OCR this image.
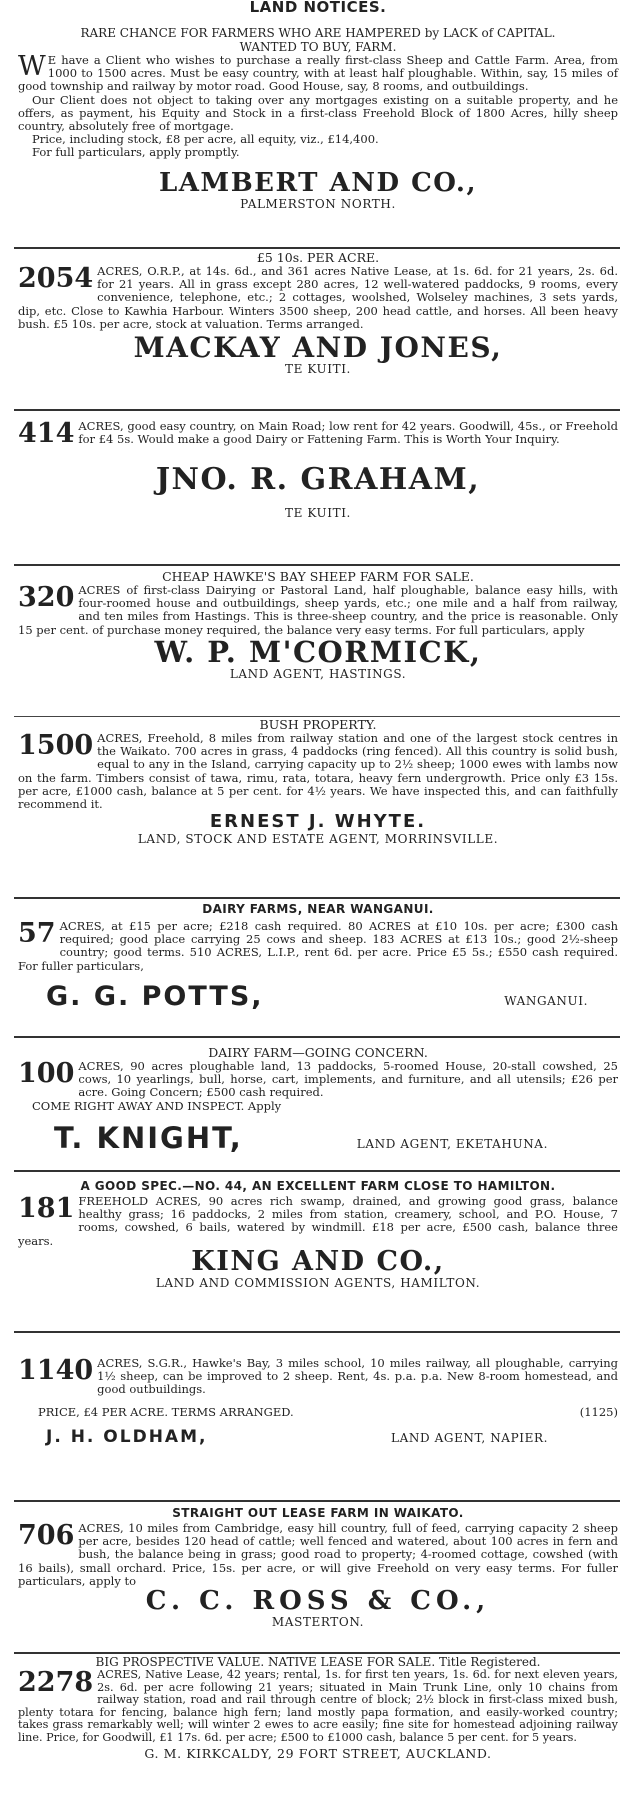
LAND NOTICES.
RARE CHANCE FOR FARMERS WHO ARE HAMPERED by LACK of CAPITAL.
WANTED TO BUY, FARM.
W E have a Client who wishes to purchase a really first-class Sheep and Cattle Farm. Area, from 1000 to 1500 acres. Must be easy country, with at least half ploughable. Within, say, 15 miles of good township and railway by motor road. Good House, say, 8 rooms, and outbuildings.
Our Client does not object to taking over any mortgages existing on a suitable property, and he offers, as payment, his Equity and Stock in a first-class Freehold Block of 1800 Acres, hilly sheep country, absolutely free of mortgage.
Price, including stock, £8 per acre, all equity, viz., £14,400.
For full particulars, apply promptly.
LAMBERT AND CO.,
PALMERSTON NORTH.
£5 10s. PER ACRE.
2054 ACRES, O.R.P., at 14s. 6d., and 361 acres Native Lease, at 1s. 6d. for 21 years, 2s. 6d. for 21 years. All in grass except 280 acres, 12 well-watered paddocks, 9 rooms, every convenience, telephone, etc.; 2 cottages, woolshed, Wolseley machines, 3 sets yards, dip, etc. Close to Kawhia Harbour. Winters 3500 sheep, 200 head cattle, and horses. All been heavy bush. £5 10s. per acre, stock at valuation. Terms arranged.
MACKAY AND JONES,
TE KUITI.
414 ACRES, good easy country, on Main Road; low rent for 42 years. Goodwill, 45s., or Freehold for £4 5s. Would make a good Dairy or Fattening Farm. This is Worth Your Inquiry.
JNO. R. GRAHAM,
TE KUITI.
CHEAP HAWKE'S BAY SHEEP FARM FOR SALE.
320 ACRES of first-class Dairying or Pastoral Land, half ploughable, balance easy hills, with four-roomed house and outbuildings, sheep yards, etc.; one mile and a half from railway, and ten miles from Hastings. This is three-sheep country, and the price is reasonable. Only 15 per cent. of purchase money required, the balance very easy terms. For full particulars, apply
W. P. M'CORMICK,
LAND AGENT, HASTINGS.
BUSH PROPERTY.
1500 ACRES, Freehold, 8 miles from railway station and one of the largest stock centres in the Waikato. 700 acres in grass, 4 paddocks (ring fenced). All this country is solid bush, equal to any in the Island, carrying capacity up to 2½ sheep; 1000 ewes with lambs now on the farm. Timbers consist of tawa, rimu, rata, totara, heavy fern undergrowth. Price only £3 15s. per acre, £1000 cash, balance at 5 per cent. for 4½ years. We have inspected this, and can faithfully recommend it.
ERNEST J. WHYTE.
LAND, STOCK AND ESTATE AGENT, MORRINSVILLE.
DAIRY FARMS, NEAR WANGANUI.
57 ACRES, at £15 per acre; £218 cash required. 80 ACRES at £10 10s. per acre; £300 cash required; good place carrying 25 cows and sheep. 183 ACRES at £13 10s.; good 2½-sheep country; good terms. 510 ACRES, L.I.P., rent 6d. per acre. Price £5 5s.; £550 cash required. For fuller particulars,
G. G. POTTS,	WANGANUI.
DAIRY FARM—GOING CONCERN.
100 ACRES, 90 acres ploughable land, 13 paddocks, 5-roomed House, 20-stall cowshed, 25 cows, 10 yearlings, bull, horse, cart, implements, and furniture, and all utensils; £26 per acre. Going Concern; £500 cash required.
COME RIGHT AWAY AND INSPECT. Apply
T. KNIGHT,	LAND AGENT, EKETAHUNA.
A GOOD SPEC.—NO. 44, AN EXCELLENT FARM CLOSE TO HAMILTON.
181 FREEHOLD ACRES, 90 acres rich swamp, drained, and growing good grass, balance healthy grass; 16 paddocks, 2 miles from station, creamery, school, and P.O. House, 7 rooms, cowshed, 6 bails, watered by windmill. £18 per acre, £500 cash, balance three years.
KING AND CO.,
LAND AND COMMISSION AGENTS, HAMILTON.
1140 ACRES, S.G.R., Hawke's Bay, 3 miles school, 10 miles railway, all ploughable, carrying 1½ sheep, can be improved to 2 sheep. Rent, 4s. p.a. p.a. New 8-room homestead, and good outbuildings.
PRICE, £4 PER ACRE. TERMS ARRANGED.	(1125)
J. H. OLDHAM,	LAND AGENT, NAPIER.
STRAIGHT OUT LEASE FARM IN WAIKATO.
706 ACRES, 10 miles from Cambridge, easy hill country, full of feed, carrying capacity 2 sheep per acre, besides 120 head of cattle; well fenced and watered, about 100 acres in fern and bush, the balance being in grass; good road to property; 4-roomed cottage, cowshed (with 16 bails), small orchard. Price, 15s. per acre, or will give Freehold on very easy terms. For fuller particulars, apply to
C. C. ROSS & CO.,
MASTERTON.
BIG PROSPECTIVE VALUE. NATIVE LEASE FOR SALE. Title Registered.
2278 ACRES, Native Lease, 42 years; rental, 1s. for first ten years, 1s. 6d. for next eleven years, 2s. 6d. per acre following 21 years; situated in Main Trunk Line, only 10 chains from railway station, road and rail through centre of block; 2½ block in first-class mixed bush, plenty totara for fencing, balance high fern; land mostly papa formation, and easily-worked country; takes grass remarkably well; will winter 2 ewes to acre easily; fine site for homestead adjoining railway line. Price, for Goodwill, £1 17s. 6d. per acre; £500 to £1000 cash, balance 5 per cent. for 5 years.
G. M. KIRKCALDY, 29 FORT STREET, AUCKLAND.
